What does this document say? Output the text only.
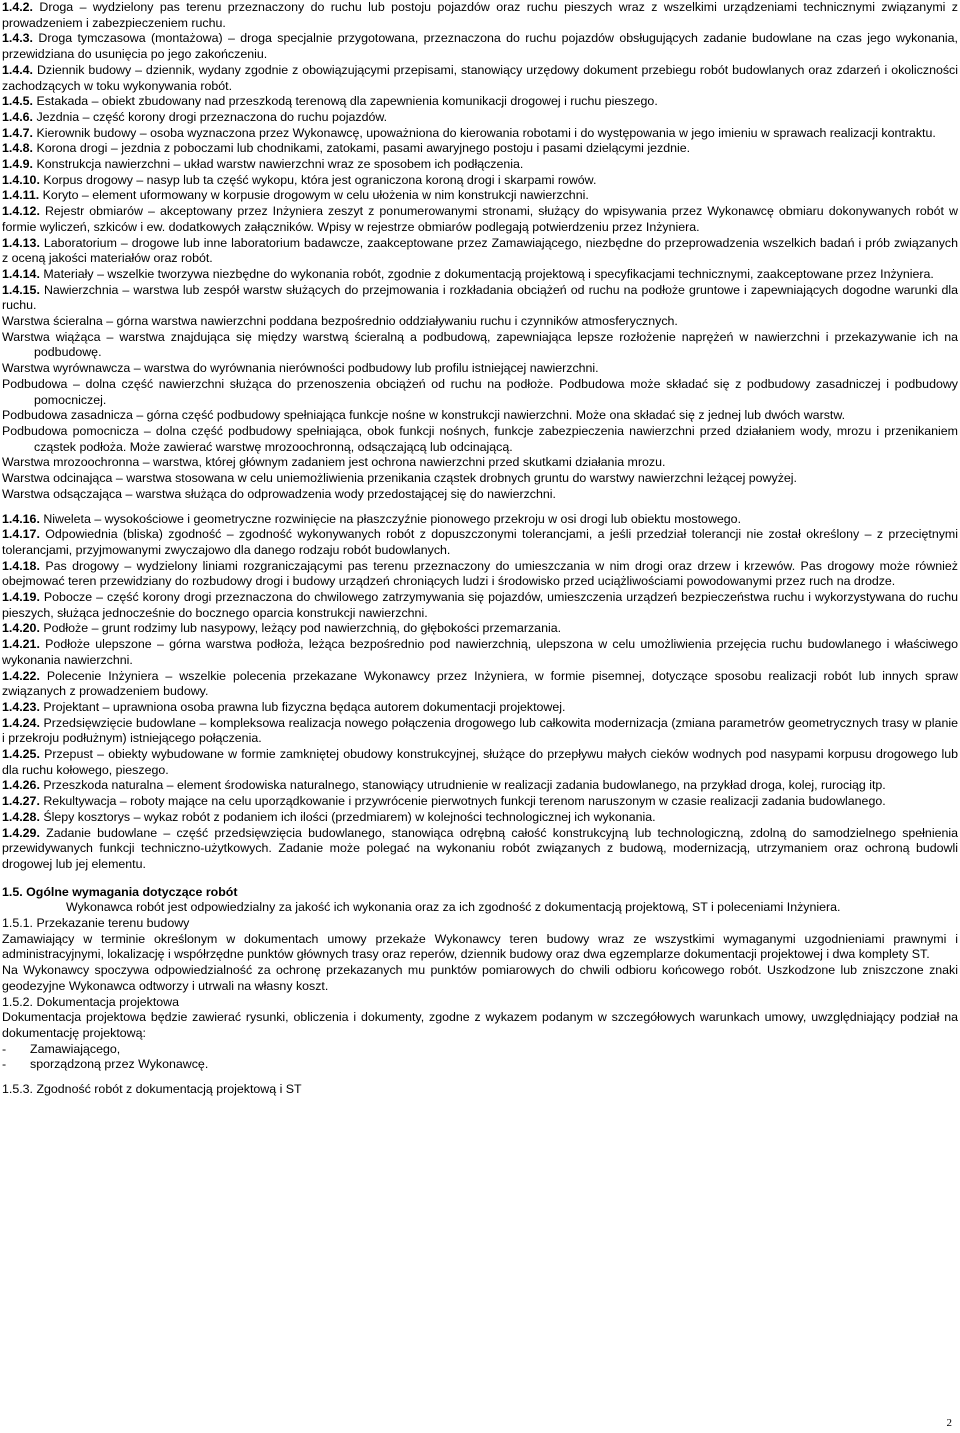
1.4.2. Droga – wydzielony pas terenu przeznaczony do ruchu lub postoju pojazdów oraz ruchu pieszych wraz z wszelkimi urządzeniami technicznymi związanymi z prowadzeniem i zabezpieczeniem ruchu.

1.4.3. Droga tymczasowa (montażowa) – droga specjalnie przygotowana, przeznaczona do ruchu pojazdów obsługujących zadanie budowlane na czas jego wykonania, przewidziana do usunięcia po jego zakończeniu.

1.4.4. Dziennik budowy – dziennik, wydany zgodnie z obowiązującymi przepisami, stanowiący urzędowy dokument przebiegu robót budowlanych oraz zdarzeń i okoliczności zachodzących w toku wykonywania robót.

1.4.5. Estakada – obiekt zbudowany nad przeszkodą terenową dla zapewnienia komunikacji drogowej i ruchu pieszego.

1.4.6. Jezdnia – część korony drogi przeznaczona do ruchu pojazdów.

1.4.7. Kierownik budowy – osoba wyznaczona przez Wykonawcę, upoważniona do kierowania robotami i do występowania w jego imieniu w sprawach realizacji kontraktu.

1.4.8. Korona drogi – jezdnia z poboczami lub chodnikami, zatokami, pasami awaryjnego postoju i pasami dzielącymi jezdnie.

1.4.9. Konstrukcja nawierzchni – układ warstw nawierzchni wraz ze sposobem ich podłączenia.

1.4.10. Korpus drogowy – nasyp lub ta część wykopu, która jest ograniczona koroną drogi i skarpami rowów.

1.4.11. Koryto – element uformowany w korpusie drogowym w celu ułożenia w nim konstrukcji nawierzchni.

1.4.12. Rejestr obmiarów – akceptowany przez Inżyniera zeszyt z ponumerowanymi stronami, służący do wpisywania przez Wykonawcę obmiaru dokonywanych robót w formie wyliczeń, szkiców i ew. dodatkowych załączników. Wpisy w rejestrze obmiarów podlegają potwierdzeniu przez Inżyniera.

1.4.13. Laboratorium – drogowe lub inne laboratorium badawcze, zaakceptowane przez Zamawiającego, niezbędne do przeprowadzenia wszelkich badań i prób związanych z oceną jakości materiałów oraz robót.

1.4.14. Materiały – wszelkie tworzywa niezbędne do wykonania robót, zgodnie z dokumentacją projektową i specyfikacjami technicznymi, zaakceptowane przez Inżyniera.

1.4.15. Nawierzchnia – warstwa lub zespół warstw służących do przejmowania i rozkładania obciążeń od ruchu na podłoże gruntowe i zapewniających dogodne warunki dla ruchu.

Warstwa ścieralna – górna warstwa nawierzchni poddana bezpośrednio oddziaływaniu ruchu i czynników atmosferycznych.

Warstwa wiążąca – warstwa znajdująca się między warstwą ścieralną a podbudową, zapewniająca lepsze rozłożenie naprężeń w nawierzchni i przekazywanie ich na podbudowę.

Warstwa wyrównawcza – warstwa do wyrównania nierówności podbudowy lub profilu istniejącej nawierzchni.

Podbudowa – dolna część nawierzchni służąca do przenoszenia obciążeń od ruchu na podłoże. Podbudowa może składać się z podbudowy zasadniczej i podbudowy pomocniczej.

Podbudowa zasadnicza – górna część podbudowy spełniająca funkcje nośne w konstrukcji nawierzchni. Może ona składać się z jednej lub dwóch warstw.

Podbudowa pomocnicza – dolna część podbudowy spełniająca, obok funkcji nośnych, funkcje zabezpieczenia nawierzchni przed działaniem wody, mrozu i przenikaniem cząstek podłoża. Może zawierać warstwę mrozoochronną, odsączającą lub odcinającą.

Warstwa mrozoochronna – warstwa, której głównym zadaniem jest ochrona nawierzchni przed skutkami działania mrozu.

Warstwa odcinająca – warstwa stosowana w celu uniemożliwienia przenikania cząstek drobnych gruntu do warstwy nawierzchni leżącej powyżej.

Warstwa odsączająca – warstwa służąca do odprowadzenia wody przedostającej się do nawierzchni.

1.4.16. Niweleta – wysokościowe i geometryczne rozwinięcie na płaszczyźnie pionowego przekroju w osi drogi lub obiektu mostowego.

1.4.17. Odpowiednia (bliska) zgodność – zgodność wykonywanych robót z dopuszczonymi tolerancjami, a jeśli przedział tolerancji nie został określony – z przeciętnymi tolerancjami, przyjmowanymi zwyczajowo dla danego rodzaju robót budowlanych.

1.4.18. Pas drogowy – wydzielony liniami rozgraniczającymi pas terenu przeznaczony do umieszczania w nim drogi oraz drzew i krzewów. Pas drogowy może również obejmować teren przewidziany do rozbudowy drogi i budowy urządzeń chroniących ludzi i środowisko przed uciążliwościami powodowanymi przez ruch na drodze.

1.4.19. Pobocze – część korony drogi przeznaczona do chwilowego zatrzymywania się pojazdów, umieszczenia urządzeń bezpieczeństwa ruchu i wykorzystywana do ruchu pieszych, służąca jednocześnie do bocznego oparcia konstrukcji nawierzchni.

1.4.20. Podłoże – grunt rodzimy lub nasypowy, leżący pod nawierzchnią, do głębokości przemarzania.

1.4.21. Podłoże ulepszone – górna warstwa podłoża, leżąca bezpośrednio pod nawierzchnią, ulepszona w celu umożliwienia przejęcia ruchu budowlanego i właściwego wykonania nawierzchni.

1.4.22. Polecenie Inżyniera – wszelkie polecenia przekazane Wykonawcy przez Inżyniera, w formie pisemnej, dotyczące sposobu realizacji robót lub innych spraw związanych z prowadzeniem budowy.

1.4.23. Projektant – uprawniona osoba prawna lub fizyczna będąca autorem dokumentacji projektowej.

1.4.24. Przedsięwzięcie budowlane – kompleksowa realizacja nowego połączenia drogowego lub całkowita modernizacja (zmiana parametrów geometrycznych trasy w planie i przekroju podłużnym) istniejącego połączenia.

1.4.25. Przepust – obiekty wybudowane w formie zamkniętej obudowy konstrukcyjnej, służące do przepływu małych cieków wodnych pod nasypami korpusu drogowego lub dla ruchu kołowego, pieszego.

1.4.26. Przeszkoda naturalna – element środowiska naturalnego, stanowiący utrudnienie w realizacji zadania budowlanego, na przykład droga, kolej, rurociąg itp.

1.4.27. Rekultywacja – roboty mające na celu uporządkowanie i przywrócenie pierwotnych funkcji terenom naruszonym w czasie realizacji zadania budowlanego.

1.4.28. Ślepy kosztorys – wykaz robót z podaniem ich ilości (przedmiarem) w kolejności technologicznej ich wykonania.

1.4.29. Zadanie budowlane – część przedsięwzięcia budowlanego, stanowiąca odrębną całość konstrukcyjną lub technologiczną, zdolną do samodzielnego spełnienia przewidywanych funkcji techniczno-użytkowych. Zadanie może polegać na wykonaniu robót związanych z budową, modernizacją, utrzymaniem oraz ochroną budowli drogowej lub jej elementu.

1.5. Ogólne wymagania dotyczące robót

Wykonawca robót jest odpowiedzialny za jakość ich wykonania oraz za ich zgodność z dokumentacją projektową, ST i poleceniami Inżyniera.

1.5.1. Przekazanie terenu budowy

Zamawiający w terminie określonym w dokumentach umowy przekaże Wykonawcy teren budowy wraz ze wszystkimi wymaganymi uzgodnieniami prawnymi i administracyjnymi, lokalizację i współrzędne punktów głównych trasy oraz reperów, dziennik budowy oraz dwa egzemplarze dokumentacji projektowej i dwa komplety ST.

Na Wykonawcy spoczywa odpowiedzialność za ochronę przekazanych mu punktów pomiarowych do chwili odbioru końcowego robót. Uszkodzone lub zniszczone znaki geodezyjne Wykonawca odtworzy i utrwali na własny koszt.

1.5.2. Dokumentacja projektowa

Dokumentacja projektowa będzie zawierać rysunki, obliczenia i dokumenty, zgodne z wykazem podanym w szczegółowych warunkach umowy, uwzględniający podział na dokumentację projektową:

- Zamawiającego,

- sporządzoną przez Wykonawcę.

1.5.3. Zgodność robót z dokumentacją projektową i ST

2
